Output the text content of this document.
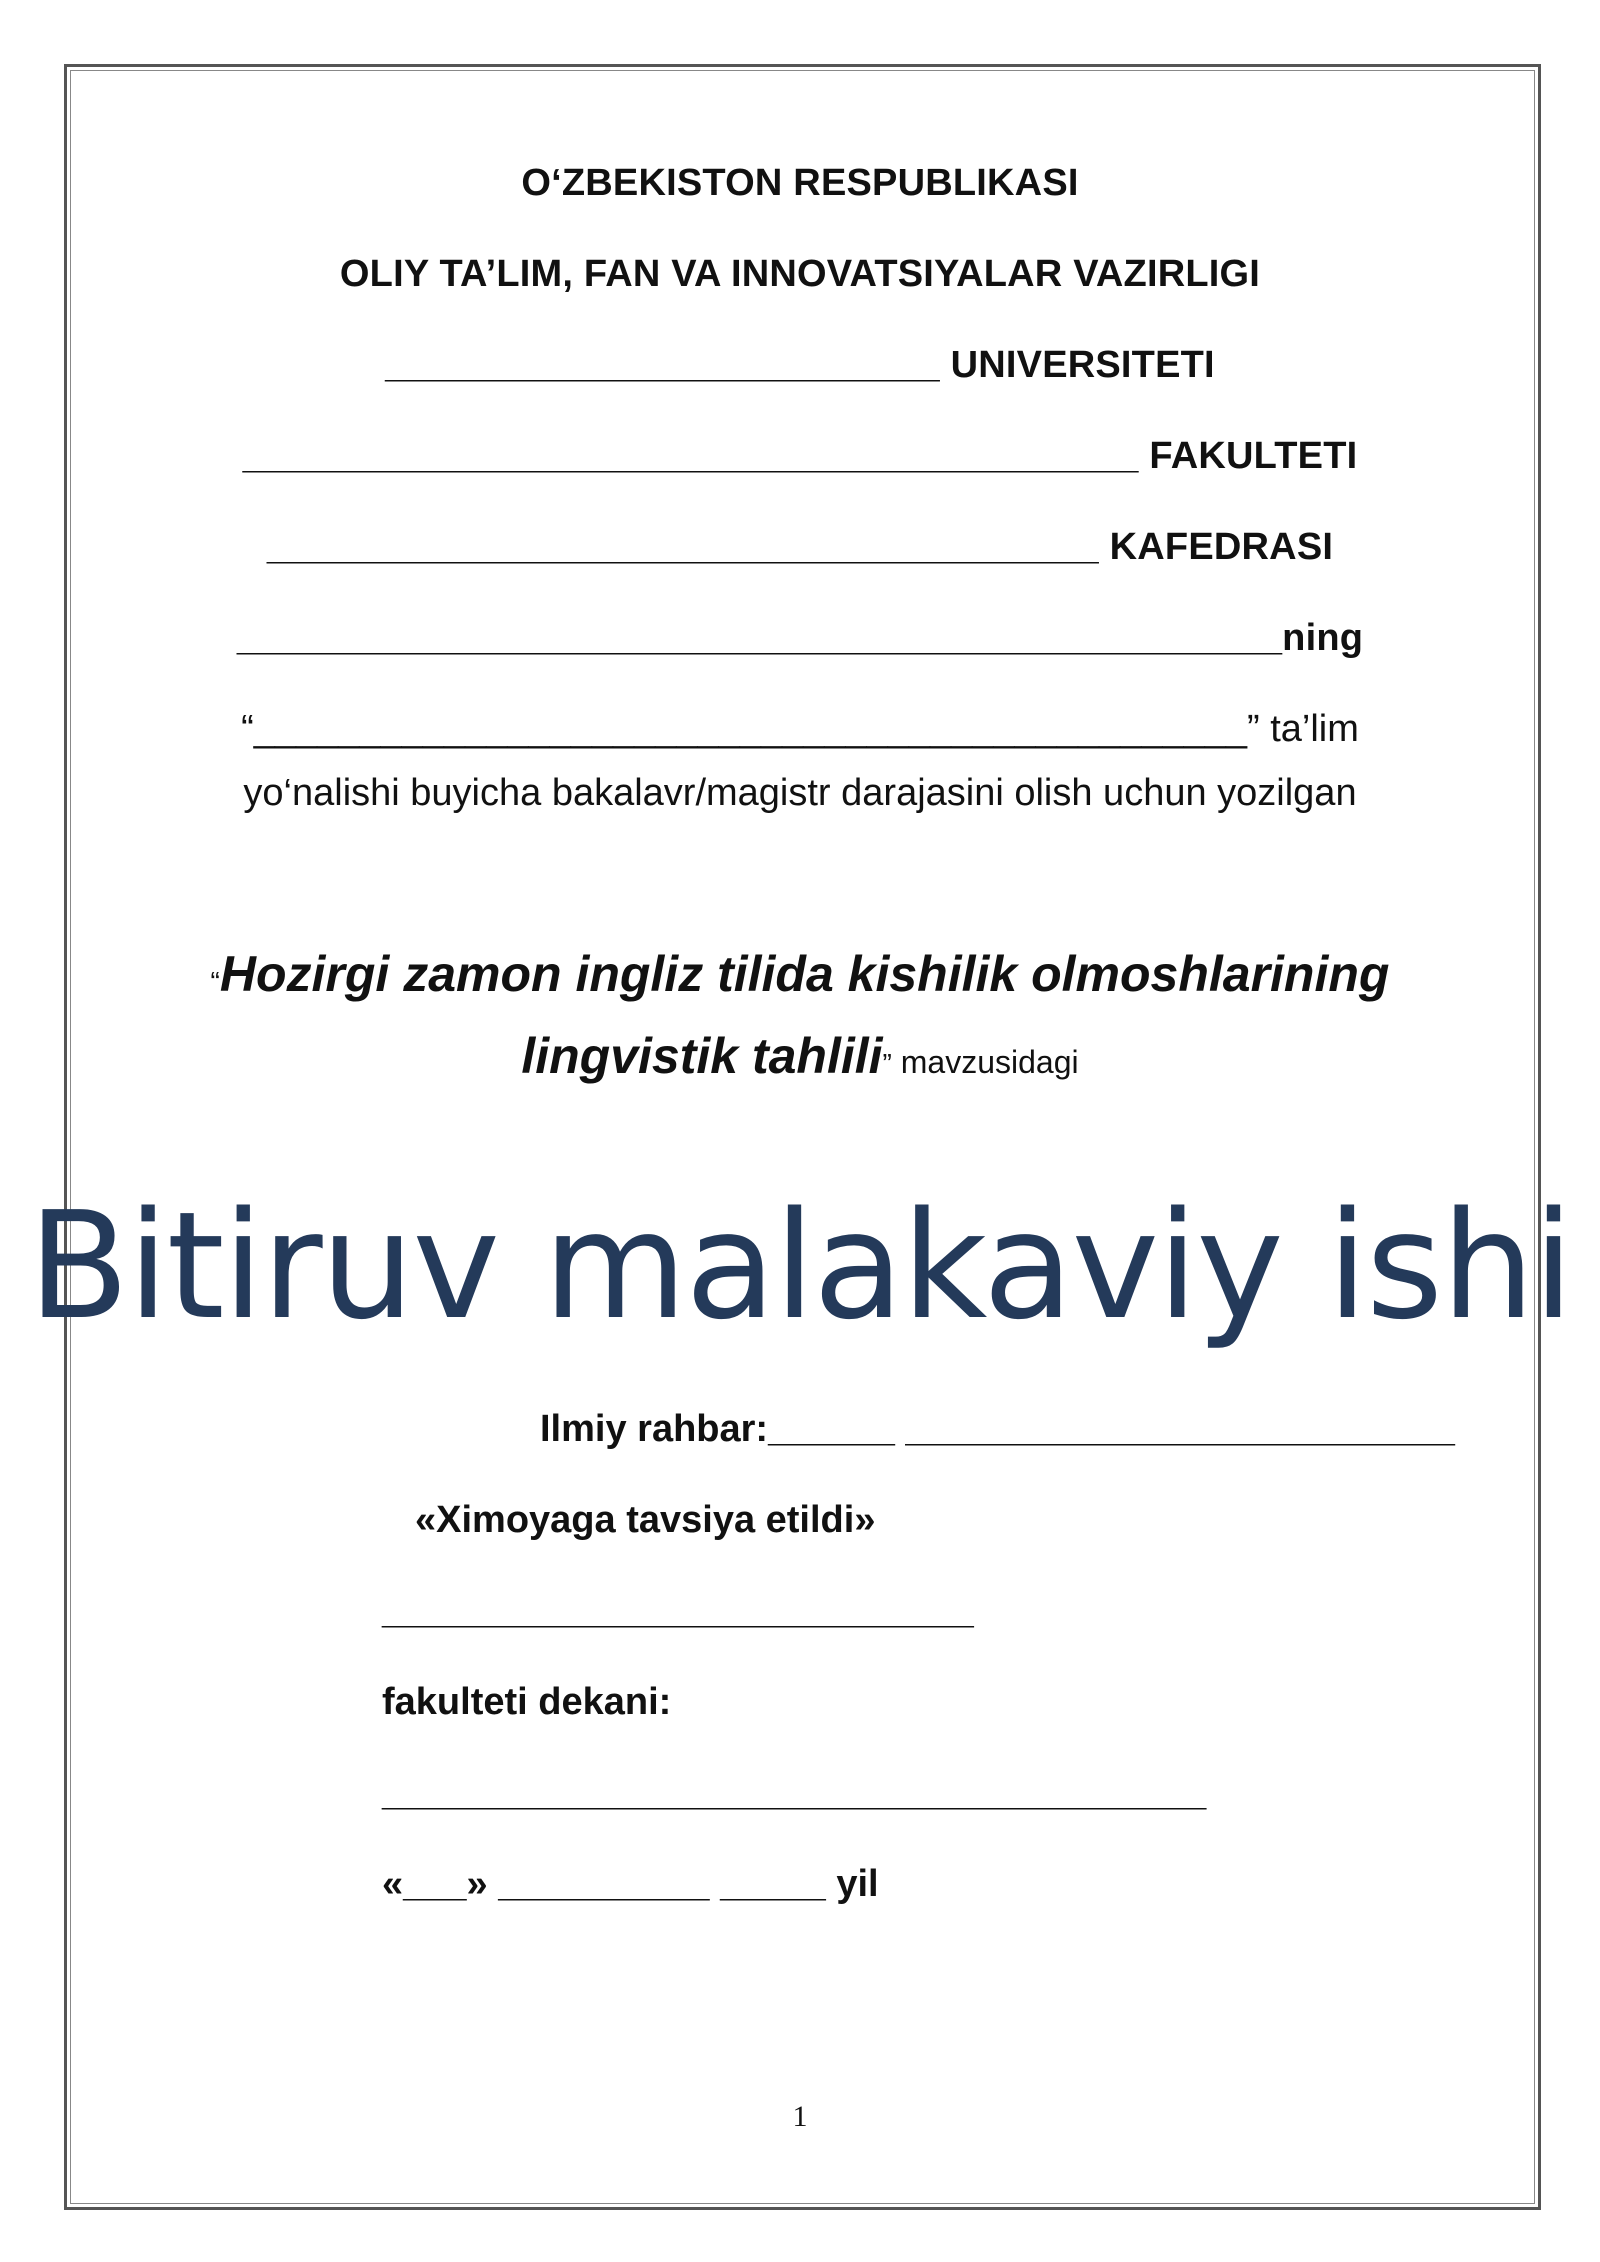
O‘ZBEKISTON RESPUBLIKASI
OLIY TA’LIM, FAN VA INNOVATSIYALAR VAZIRLIGI
__________________________ UNIVERSITETI
__________________________________________ FAKULTETI
_______________________________________ KAFEDRASI
_________________________________________________ning
“_______________________________________________” ta’lim
yo‘nalishi buyicha bakalavr/magistr darajasini olish uchun yozilgan
“Hozirgi zamon ingliz tilida kishilik olmoshlarining
lingvistik tahlili” mavzusidagi
Bitiruv malakaviy ishi
Ilmiy rahbar:______ __________________________
«Ximoyaga tavsiya etildi»
____________________________
fakulteti dekani:
_______________________________________
«___» __________ _____ yil
1
